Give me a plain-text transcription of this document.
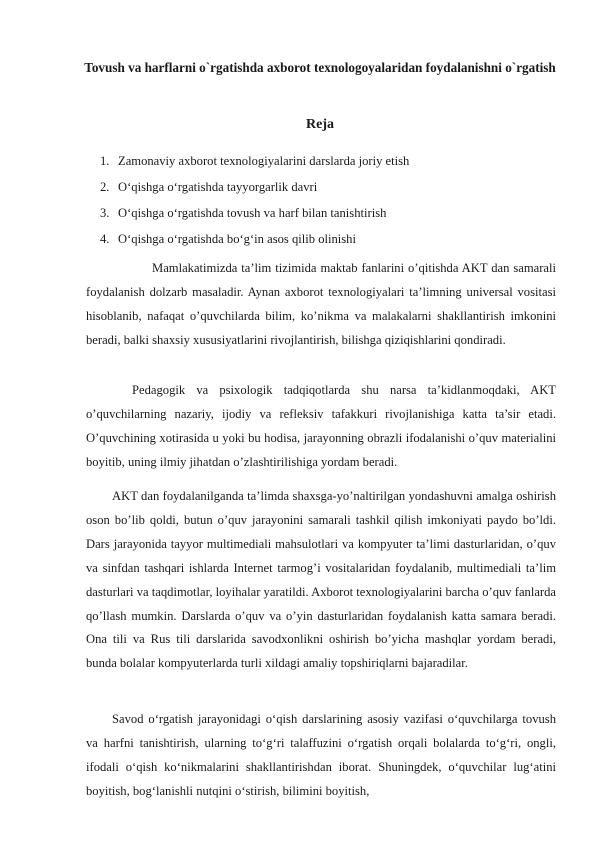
Tovush va harflarni o`rgatishda axborot texnologoyalaridan foydalanishni o`rgatish
Reja
1. Zamonaviy axborot texnologiyalarini darslarda joriy etish
2. O‘qishga o‘rgatishda tayyorgarlik davri
3. O‘qishga o‘rgatishda tovush va harf bilan tanishtirish
4. O‘qishga o‘rgatishda bo‘g‘in asos qilib olinishi

Mamlakatimizda ta’lim tizimida maktab fanlarini o’qitishda AKT dan samarali foydalanish dolzarb masaladir. Aynan axborot texnologiyalari ta’limning universal vositasi hisoblanib, nafaqat o’quvchilarda bilim, ko’nikma va malakalarni shakllantirish imkonini beradi, balki shaxsiy xususiyatlarini rivojlantirish, bilishga qiziqishlarini qondiradi.

Pedagogik va psixologik tadqiqotlarda shu narsa ta’kidlanmoqdaki, AKT o’quvchilarning nazariy, ijodiy va refleksiv tafakkuri rivojlanishiga katta ta’sir etadi. O’quvchining xotirasida u yoki bu hodisa, jarayonning obrazli ifodalanishi o’quv materialini boyitib, uning ilmiy jihatdan o’zlashtirilishiga yordam beradi.

AKT dan foydalanilganda ta’limda shaxsga-yo’naltirilgan yondashuvni amalga oshirish oson bo’lib qoldi, butun o’quv jarayonini samarali tashkil qilish imkoniyati paydo bo’ldi. Dars jarayonida tayyor multimediali mahsulotlari va kompyuter ta’limi dasturlaridan, o’quv va sinfdan tashqari ishlarda Internet tarmog’i vositalaridan foydalanib, multimediali ta’lim dasturlari va taqdimotlar, loyihalar yaratildi. Axborot texnologiyalarini barcha o’quv fanlarda qo’llash mumkin. Darslarda o’quv va o’yin dasturlaridan foydalanish katta samara beradi. Ona tili va Rus tili darslarida savodxonlikni oshirish bo’yicha mashqlar yordam beradi, bunda bolalar kompyuterlarda turli xildagi amaliy topshiriqlarni bajaradilar.

Savod o‘rgatish jarayonidagi o‘qish darslarining asosiy vazifasi o‘quvchilarga tovush va harfni tanishtirish, ularning to‘g‘ri talaffuzini o‘rgatish orqali bolalarda to‘g‘ri, ongli, ifodali o‘qish ko‘nikmalarini shakllantirishdan iborat. Shuningdek, o‘quvchilar lug‘atini boyitish, bog‘lanishli nutqini o‘stirish, bilimini boyitish,
